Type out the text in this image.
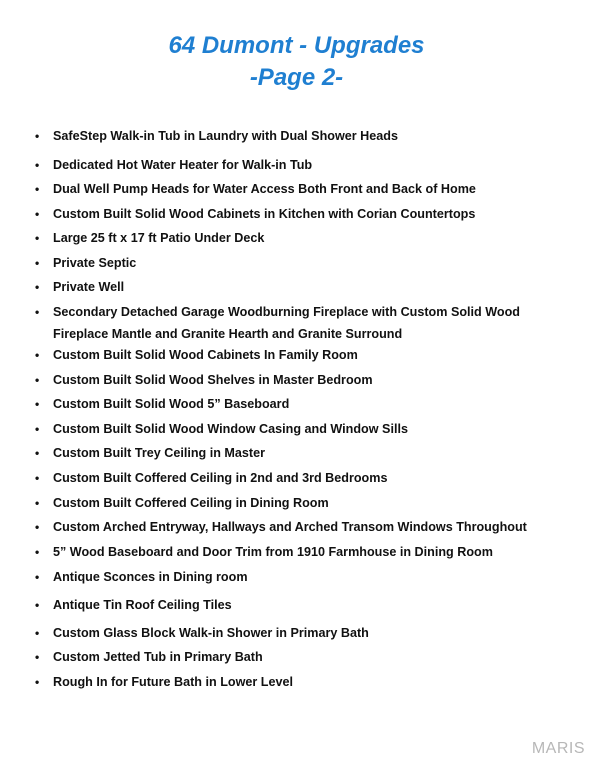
64 Dumont - Upgrades
-Page 2-
• SafeStep Walk-in Tub in Laundry with Dual Shower Heads
• Dedicated Hot Water Heater for Walk-in Tub
• Dual Well Pump Heads for Water Access Both Front and Back of Home
• Custom Built Solid Wood Cabinets in Kitchen with Corian Countertops
• Large 25 ft x 17 ft Patio Under Deck
• Private Septic
• Private Well
• Secondary Detached Garage Woodburning Fireplace with Custom Solid Wood
Fireplace Mantle and Granite Hearth and Granite Surround
• Custom Built Solid Wood Cabinets In Family Room
• Custom Built Solid Wood Shelves in Master Bedroom
• Custom Built Solid Wood 5” Baseboard
• Custom Built Solid Wood Window Casing and Window Sills
• Custom Built Trey Ceiling in Master
• Custom Built Coffered Ceiling in 2nd and 3rd Bedrooms
• Custom Built Coffered Ceiling in Dining Room
• Custom Arched Entryway, Hallways and Arched Transom Windows Throughout
• 5” Wood Baseboard and Door Trim from 1910 Farmhouse in Dining Room
• Antique Sconces in Dining room
• Antique Tin Roof Ceiling Tiles
• Custom Glass Block Walk-in Shower in Primary Bath
• Custom Jetted Tub in Primary Bath
• Rough In for Future Bath in Lower Level
MARIS
